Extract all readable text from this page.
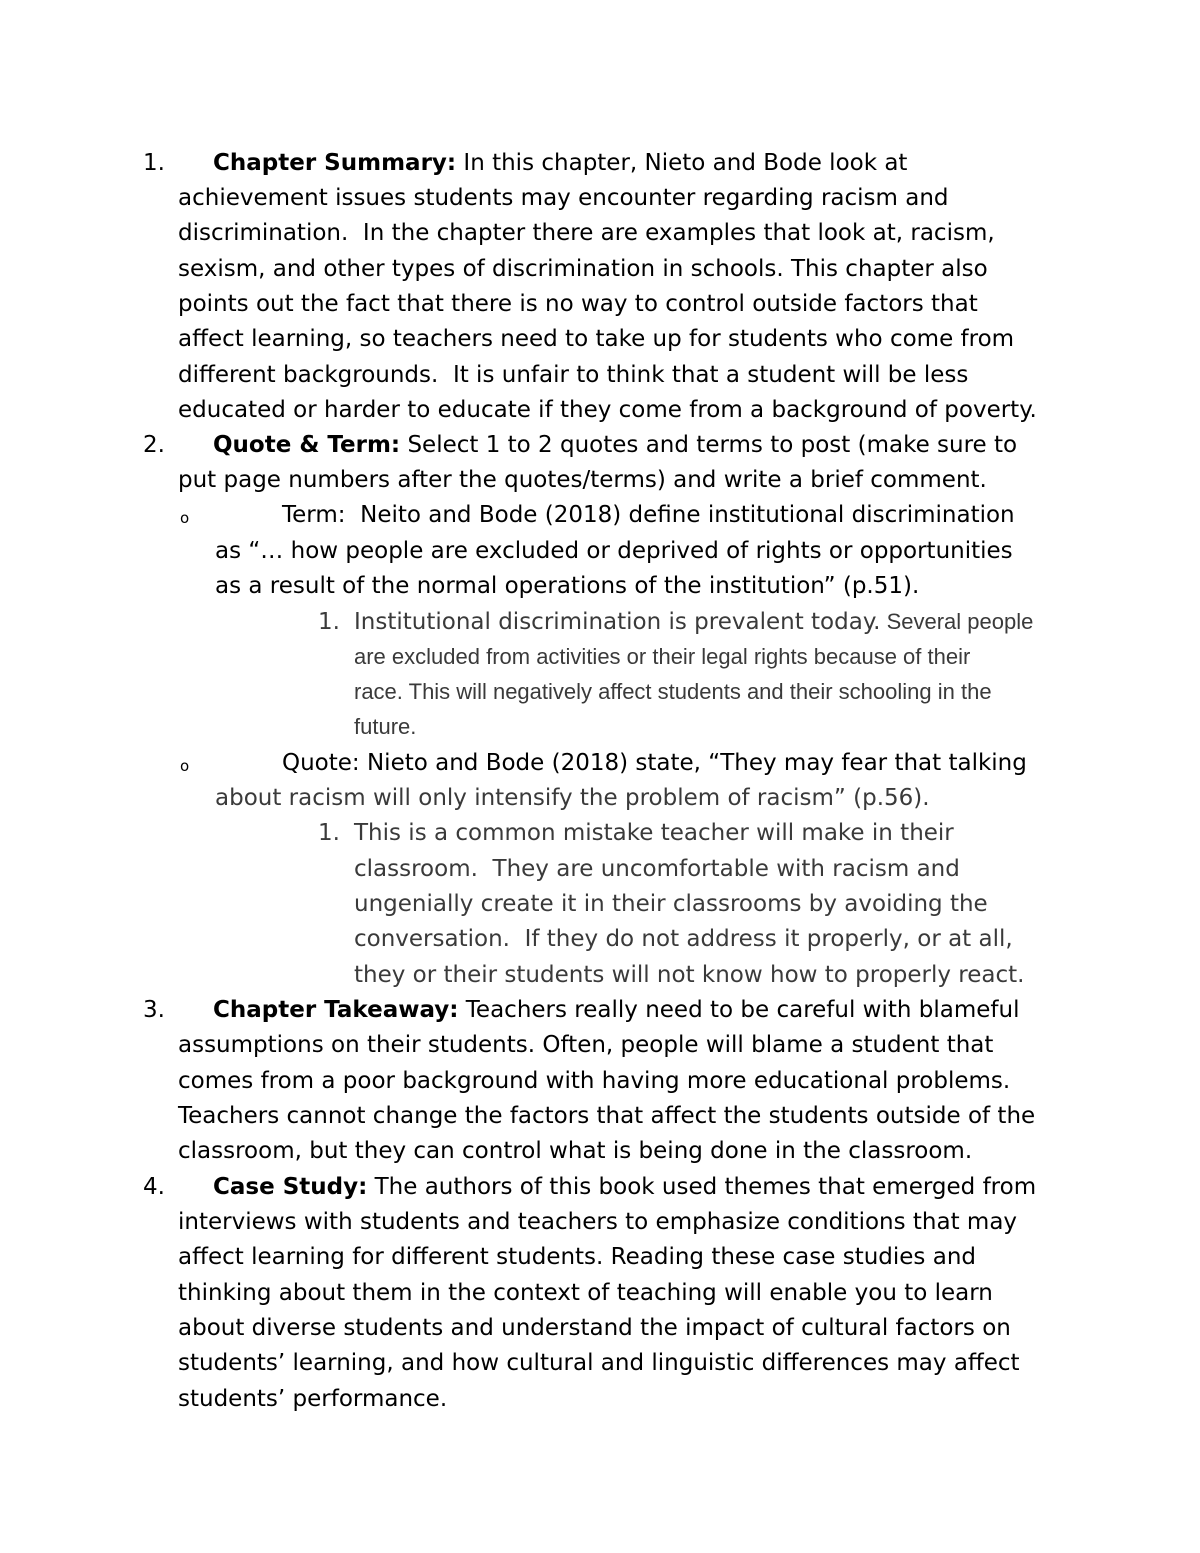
1. Chapter Summary: In this chapter, Nieto and Bode look at
achievement issues students may encounter regarding racism and
discrimination.  In the chapter there are examples that look at, racism,
sexism, and other types of discrimination in schools. This chapter also
points out the fact that there is no way to control outside factors that
affect learning, so teachers need to take up for students who come from
different backgrounds.  It is unfair to think that a student will be less
educated or harder to educate if they come from a background of poverty.
2. Quote & Term: Select 1 to 2 quotes and terms to post (make sure to
put page numbers after the quotes/terms) and write a brief comment.
o	Term:  Neito and Bode (2018) define institutional discrimination
as “… how people are excluded or deprived of rights or opportunities
as a result of the normal operations of the institution” (p.51).
1. Institutional discrimination is prevalent today. Several people
are excluded from activities or their legal rights because of their
race. This will negatively affect students and their schooling in the
future.
o	Quote: Nieto and Bode (2018) state, “They may fear that talking
about racism will only intensify the problem of racism” (p.56).
1. This is a common mistake teacher will make in their
classroom.  They are uncomfortable with racism and
ungenially create it in their classrooms by avoiding the
conversation.  If they do not address it properly, or at all,
they or their students will not know how to properly react.
3. Chapter Takeaway: Teachers really need to be careful with blameful
assumptions on their students. Often, people will blame a student that
comes from a poor background with having more educational problems.
Teachers cannot change the factors that affect the students outside of the
classroom, but they can control what is being done in the classroom.
4. Case Study: The authors of this book used themes that emerged from
interviews with students and teachers to emphasize conditions that may
affect learning for different students. Reading these case studies and
thinking about them in the context of teaching will enable you to learn
about diverse students and understand the impact of cultural factors on
students’ learning, and how cultural and linguistic differences may affect
students’ performance.
